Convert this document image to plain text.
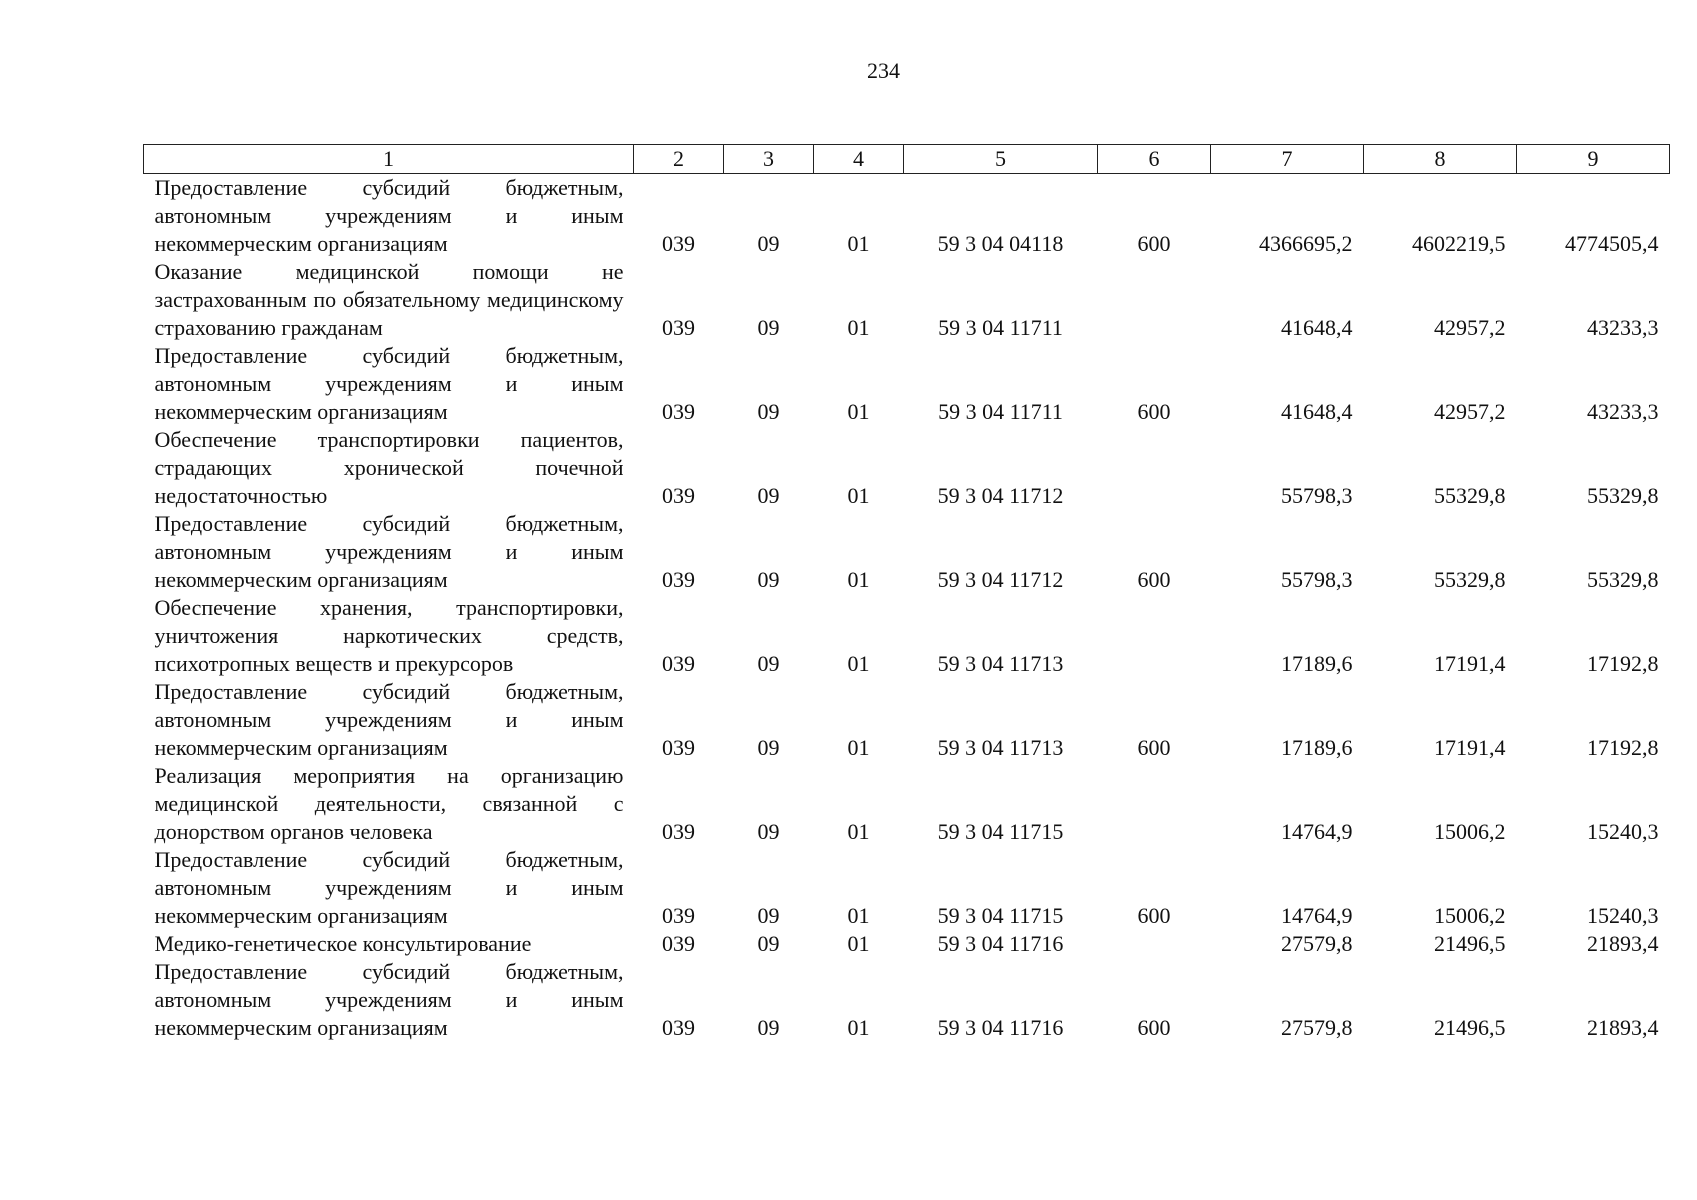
234
1	2	3	4	5	6	7	8	9
Предоставление субсидий бюджетным, автономным учреждениям и иным некоммерческим организациям	039	09	01	59 3 04 04118	600	4366695,2	4602219,5	4774505,4
Оказание медицинской помощи не застрахованным по обязательному медицинскому страхованию гражданам	039	09	01	59 3 04 11711		41648,4	42957,2	43233,3
Предоставление субсидий бюджетным, автономным учреждениям и иным некоммерческим организациям	039	09	01	59 3 04 11711	600	41648,4	42957,2	43233,3
Обеспечение транспортировки пациентов, страдающих хронической почечной недостаточностью	039	09	01	59 3 04 11712		55798,3	55329,8	55329,8
Предоставление субсидий бюджетным, автономным учреждениям и иным некоммерческим организациям	039	09	01	59 3 04 11712	600	55798,3	55329,8	55329,8
Обеспечение хранения, транспортировки, уничтожения наркотических средств, психотропных веществ и прекурсоров	039	09	01	59 3 04 11713		17189,6	17191,4	17192,8
Предоставление субсидий бюджетным, автономным учреждениям и иным некоммерческим организациям	039	09	01	59 3 04 11713	600	17189,6	17191,4	17192,8
Реализация мероприятия на организацию медицинской деятельности, связанной с донорством органов человека	039	09	01	59 3 04 11715		14764,9	15006,2	15240,3
Предоставление субсидий бюджетным, автономным учреждениям и иным некоммерческим организациям	039	09	01	59 3 04 11715	600	14764,9	15006,2	15240,3
Медико-генетическое консультирование	039	09	01	59 3 04 11716		27579,8	21496,5	21893,4
Предоставление субсидий бюджетным, автономным учреждениям и иным некоммерческим организациям	039	09	01	59 3 04 11716	600	27579,8	21496,5	21893,4
